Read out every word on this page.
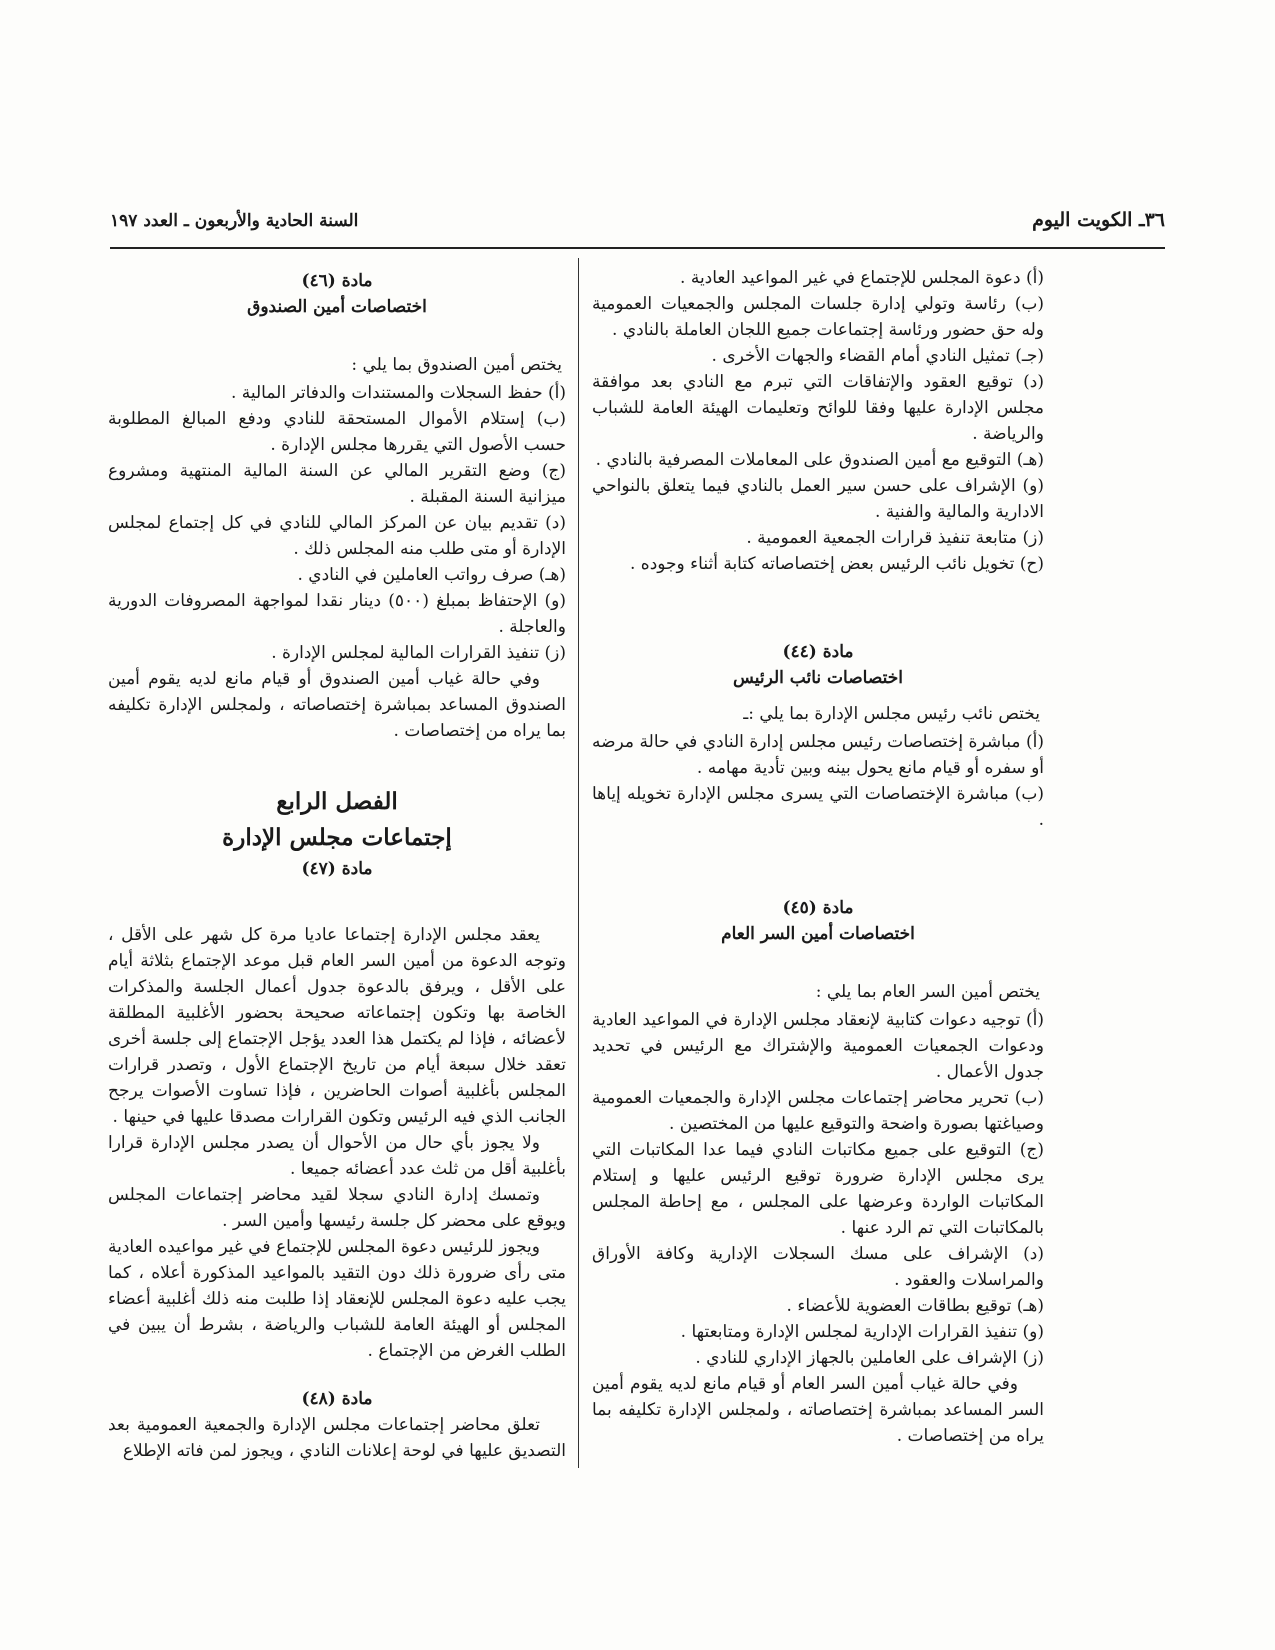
٣٦ـ الكويت اليوم
السنة الحادية والأربعون ـ العدد ١٩٧

(أ) دعوة المجلس للإجتماع في غير المواعيد العادية .

(ب) رئاسة وتولي إدارة جلسات المجلس والجمعيات العمومية وله حق حضور ورئاسة إجتماعات جميع اللجان العاملة بالنادي .

(جـ) تمثيل النادي أمام القضاء والجهات الأخرى .

(د) توقيع العقود والإتفاقات التي تبرم مع النادي بعد موافقة مجلس الإدارة عليها وفقا للوائح وتعليمات الهيئة العامة للشباب والرياضة .

(هـ) التوقيع مع أمين الصندوق على المعاملات المصرفية بالنادي .

(و) الإشراف على حسن سير العمل بالنادي فيما يتعلق بالنواحي الادارية والمالية والفنية .

(ز) متابعة تنفيذ قرارات الجمعية العمومية .

(ح) تخويل نائب الرئيس بعض إختصاصاته كتابة أثناء وجوده .

مادة (٤٤)

اختصاصات نائب الرئيس

يختص نائب رئيس مجلس الإدارة بما يلي :ـ

(أ) مباشرة إختصاصات رئيس مجلس إدارة النادي في حالة مرضه أو سفره أو قيام مانع يحول بينه وبين تأدية مهامه .

(ب) مباشرة الإختصاصات التي يسرى مجلس الإدارة تخويله إياها .

مادة (٤٥)

اختصاصات أمين السر العام

يختص أمين السر العام بما يلي :

(أ) توجيه دعوات كتابية لإنعقاد مجلس الإدارة في المواعيد العادية ودعوات الجمعيات العمومية والإشتراك مع الرئيس في تحديد جدول الأعمال .

(ب) تحرير محاضر إجتماعات مجلس الإدارة والجمعيات العمومية وصياغتها بصورة واضحة والتوقيع عليها من المختصين .

(ج) التوقيع على جميع مكاتبات النادي فيما عدا المكاتبات التي يرى مجلس الإدارة ضرورة توقيع الرئيس عليها و إستلام المكاتبات الواردة وعرضها على المجلس ، مع إحاطة المجلس بالمكاتبات التي تم الرد عنها .

(د) الإشراف على مسك السجلات الإدارية وكافة الأوراق والمراسلات والعقود .

(هـ) توقيع بطاقات العضوية للأعضاء .

(و) تنفيذ القرارات الإدارية لمجلس الإدارة ومتابعتها .

(ز) الإشراف على العاملين بالجهاز الإداري للنادي .

وفي حالة غياب أمين السر العام أو قيام مانع لديه يقوم أمين السر المساعد بمباشرة إختصاصاته ، ولمجلس الإدارة تكليفه بما يراه من إختصاصات .

مادة (٤٦)

اختصاصات أمين الصندوق

يختص أمين الصندوق بما يلي :

(أ) حفظ السجلات والمستندات والدفاتر المالية .

(ب) إستلام الأموال المستحقة للنادي ودفع المبالغ المطلوبة حسب الأصول التي يقررها مجلس الإدارة .

(ج) وضع التقرير المالي عن السنة المالية المنتهية ومشروع ميزانية السنة المقبلة .

(د) تقديم بيان عن المركز المالي للنادي في كل إجتماع لمجلس الإدارة أو متى طلب منه المجلس ذلك .

(هـ) صرف رواتب العاملين في النادي .

(و) الإحتفاظ بمبلغ (٥٠٠) دينار نقدا لمواجهة المصروفات الدورية والعاجلة .

(ز) تنفيذ القرارات المالية لمجلس الإدارة .

وفي حالة غياب أمين الصندوق أو قيام مانع لديه يقوم أمين الصندوق المساعد بمباشرة إختصاصاته ، ولمجلس الإدارة تكليفه بما يراه من إختصاصات .

الفصل الرابع

إجتماعات مجلس الإدارة

مادة (٤٧)

يعقد مجلس الإدارة إجتماعا عاديا مرة كل شهر على الأقل ، وتوجه الدعوة من أمين السر العام قبل موعد الإجتماع بثلاثة أيام على الأقل ، ويرفق بالدعوة جدول أعمال الجلسة والمذكرات الخاصة بها وتكون إجتماعاته صحيحة بحضور الأغلبية المطلقة لأعضائه ، فإذا لم يكتمل هذا العدد يؤجل الإجتماع إلى جلسة أخرى تعقد خلال سبعة أيام من تاريخ الإجتماع الأول ، وتصدر قرارات المجلس بأغلبية أصوات الحاضرين ، فإذا تساوت الأصوات يرجح الجانب الذي فيه الرئيس وتكون القرارات مصدقا عليها في حينها .

ولا يجوز بأي حال من الأحوال أن يصدر مجلس الإدارة قرارا بأغلبية أقل من ثلث عدد أعضائه جميعا .

وتمسك إدارة النادي سجلا لقيد محاضر إجتماعات المجلس ويوقع على محضر كل جلسة رئيسها وأمين السر .

ويجوز للرئيس دعوة المجلس للإجتماع في غير مواعيده العادية متى رأى ضرورة ذلك دون التقيد بالمواعيد المذكورة أعلاه ، كما يجب عليه دعوة المجلس للإنعقاد إذا طلبت منه ذلك أغلبية أعضاء المجلس أو الهيئة العامة للشباب والرياضة ، بشرط أن يبين في الطلب الغرض من الإجتماع .

مادة (٤٨)

تعلق محاضر إجتماعات مجلس الإدارة والجمعية العمومية بعد التصديق عليها في لوحة إعلانات النادي ، ويجوز لمن فاته الإطلاع
